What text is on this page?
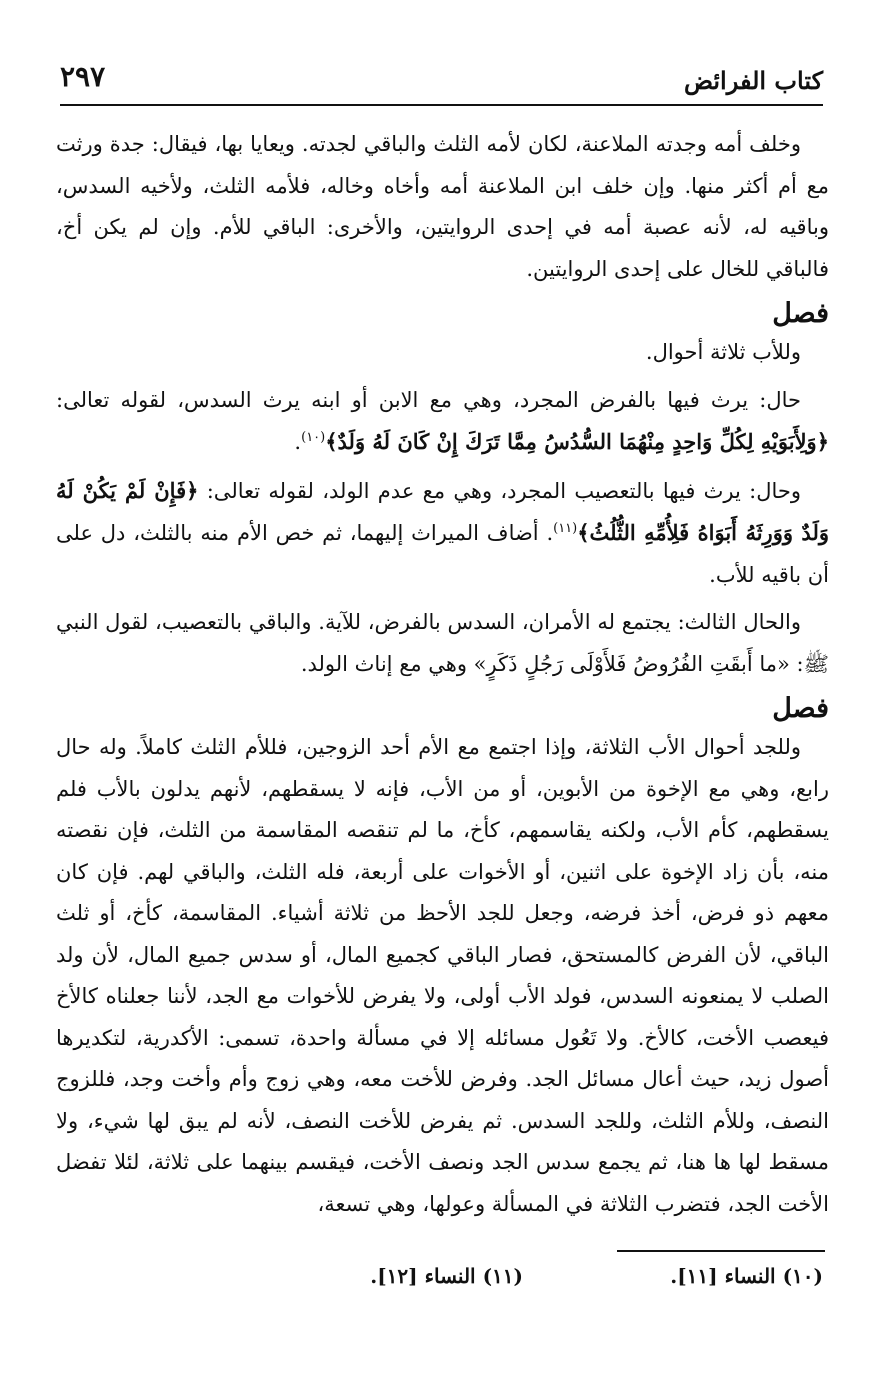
كتاب الفرائض
٢٩٧

وخلف أمه وجدته الملاعنة، لكان لأمه الثلث والباقي لجدته. ويعايا بها، فيقال: جدة ورثت مع أم أكثر منها. وإن خلف ابن الملاعنة أمه وأخاه وخاله، فلأمه الثلث، ولأخيه السدس، وباقيه له، لأنه عصبة أمه في إحدى الروايتين، والأخرى: الباقي للأم. وإن لم يكن أخ، فالباقي للخال على إحدى الروايتين.

فصل

وللأب ثلاثة أحوال.

حال: يرث فيها بالفرض المجرد، وهي مع الابن أو ابنه يرث السدس، لقوله تعالى: ﴿وَلِأَبَوَيْهِ لِكُلِّ وَاحِدٍ مِنْهُمَا السُّدُسُ مِمَّا تَرَكَ إِنْ كَانَ لَهُ وَلَدٌ﴾$^{(١٠)}$.

وحال: يرث فيها بالتعصيب المجرد، وهي مع عدم الولد، لقوله تعالى: ﴿فَإِنْ لَمْ يَكُنْ لَهُ وَلَدٌ وَوَرِثَهُ أَبَوَاهُ فَلِأُمِّهِ الثُّلُثُ﴾$^{(١١)}$. أضاف الميراث إليهما، ثم خص الأم منه بالثلث، دل على أن باقيه للأب.

والحال الثالث: يجتمع له الأمران، السدس بالفرض، للآية. والباقي بالتعصيب، لقول النبي ﷺ: «ما أَبقَتِ الفُرُوضُ فَلأَوْلَى رَجُلٍ ذَكَرٍ» وهي مع إناث الولد.

فصل

وللجد أحوال الأب الثلاثة، وإذا اجتمع مع الأم أحد الزوجين، فللأم الثلث كاملاً. وله حال رابع، وهي مع الإخوة من الأبوين، أو من الأب، فإنه لا يسقطهم، لأنهم يدلون بالأب فلم يسقطهم، كأم الأب، ولكنه يقاسمهم، كأخ، ما لم تنقصه المقاسمة من الثلث، فإن نقصته منه، بأن زاد الإخوة على اثنين، أو الأخوات على أربعة، فله الثلث، والباقي لهم. فإن كان معهم ذو فرض، أخذ فرضه، وجعل للجد الأحظ من ثلاثة أشياء. المقاسمة، كأخ، أو ثلث الباقي، لأن الفرض كالمستحق، فصار الباقي كجميع المال، أو سدس جميع المال، لأن ولد الصلب لا يمنعونه السدس، فولد الأب أولى، ولا يفرض للأخوات مع الجد، لأننا جعلناه كالأخ فيعصب الأخت، كالأخ. ولا تَعُول مسائله إلا في مسألة واحدة، تسمى: الأكدرية، لتكديرها أصول زيد، حيث أعال مسائل الجد. وفرض للأخت معه، وهي زوج وأم وأخت وجد، فللزوج النصف، وللأم الثلث، وللجد السدس. ثم يفرض للأخت النصف، لأنه لم يبق لها شيء، ولا مسقط لها ها هنا، ثم يجمع سدس الجد ونصف الأخت، فيقسم بينهما على ثلاثة، لئلا تفضل الأخت الجد، فتضرب الثلاثة في المسألة وعولها، وهي تسعة،

(١٠) النساء [١١].
(١١) النساء [١٢].
